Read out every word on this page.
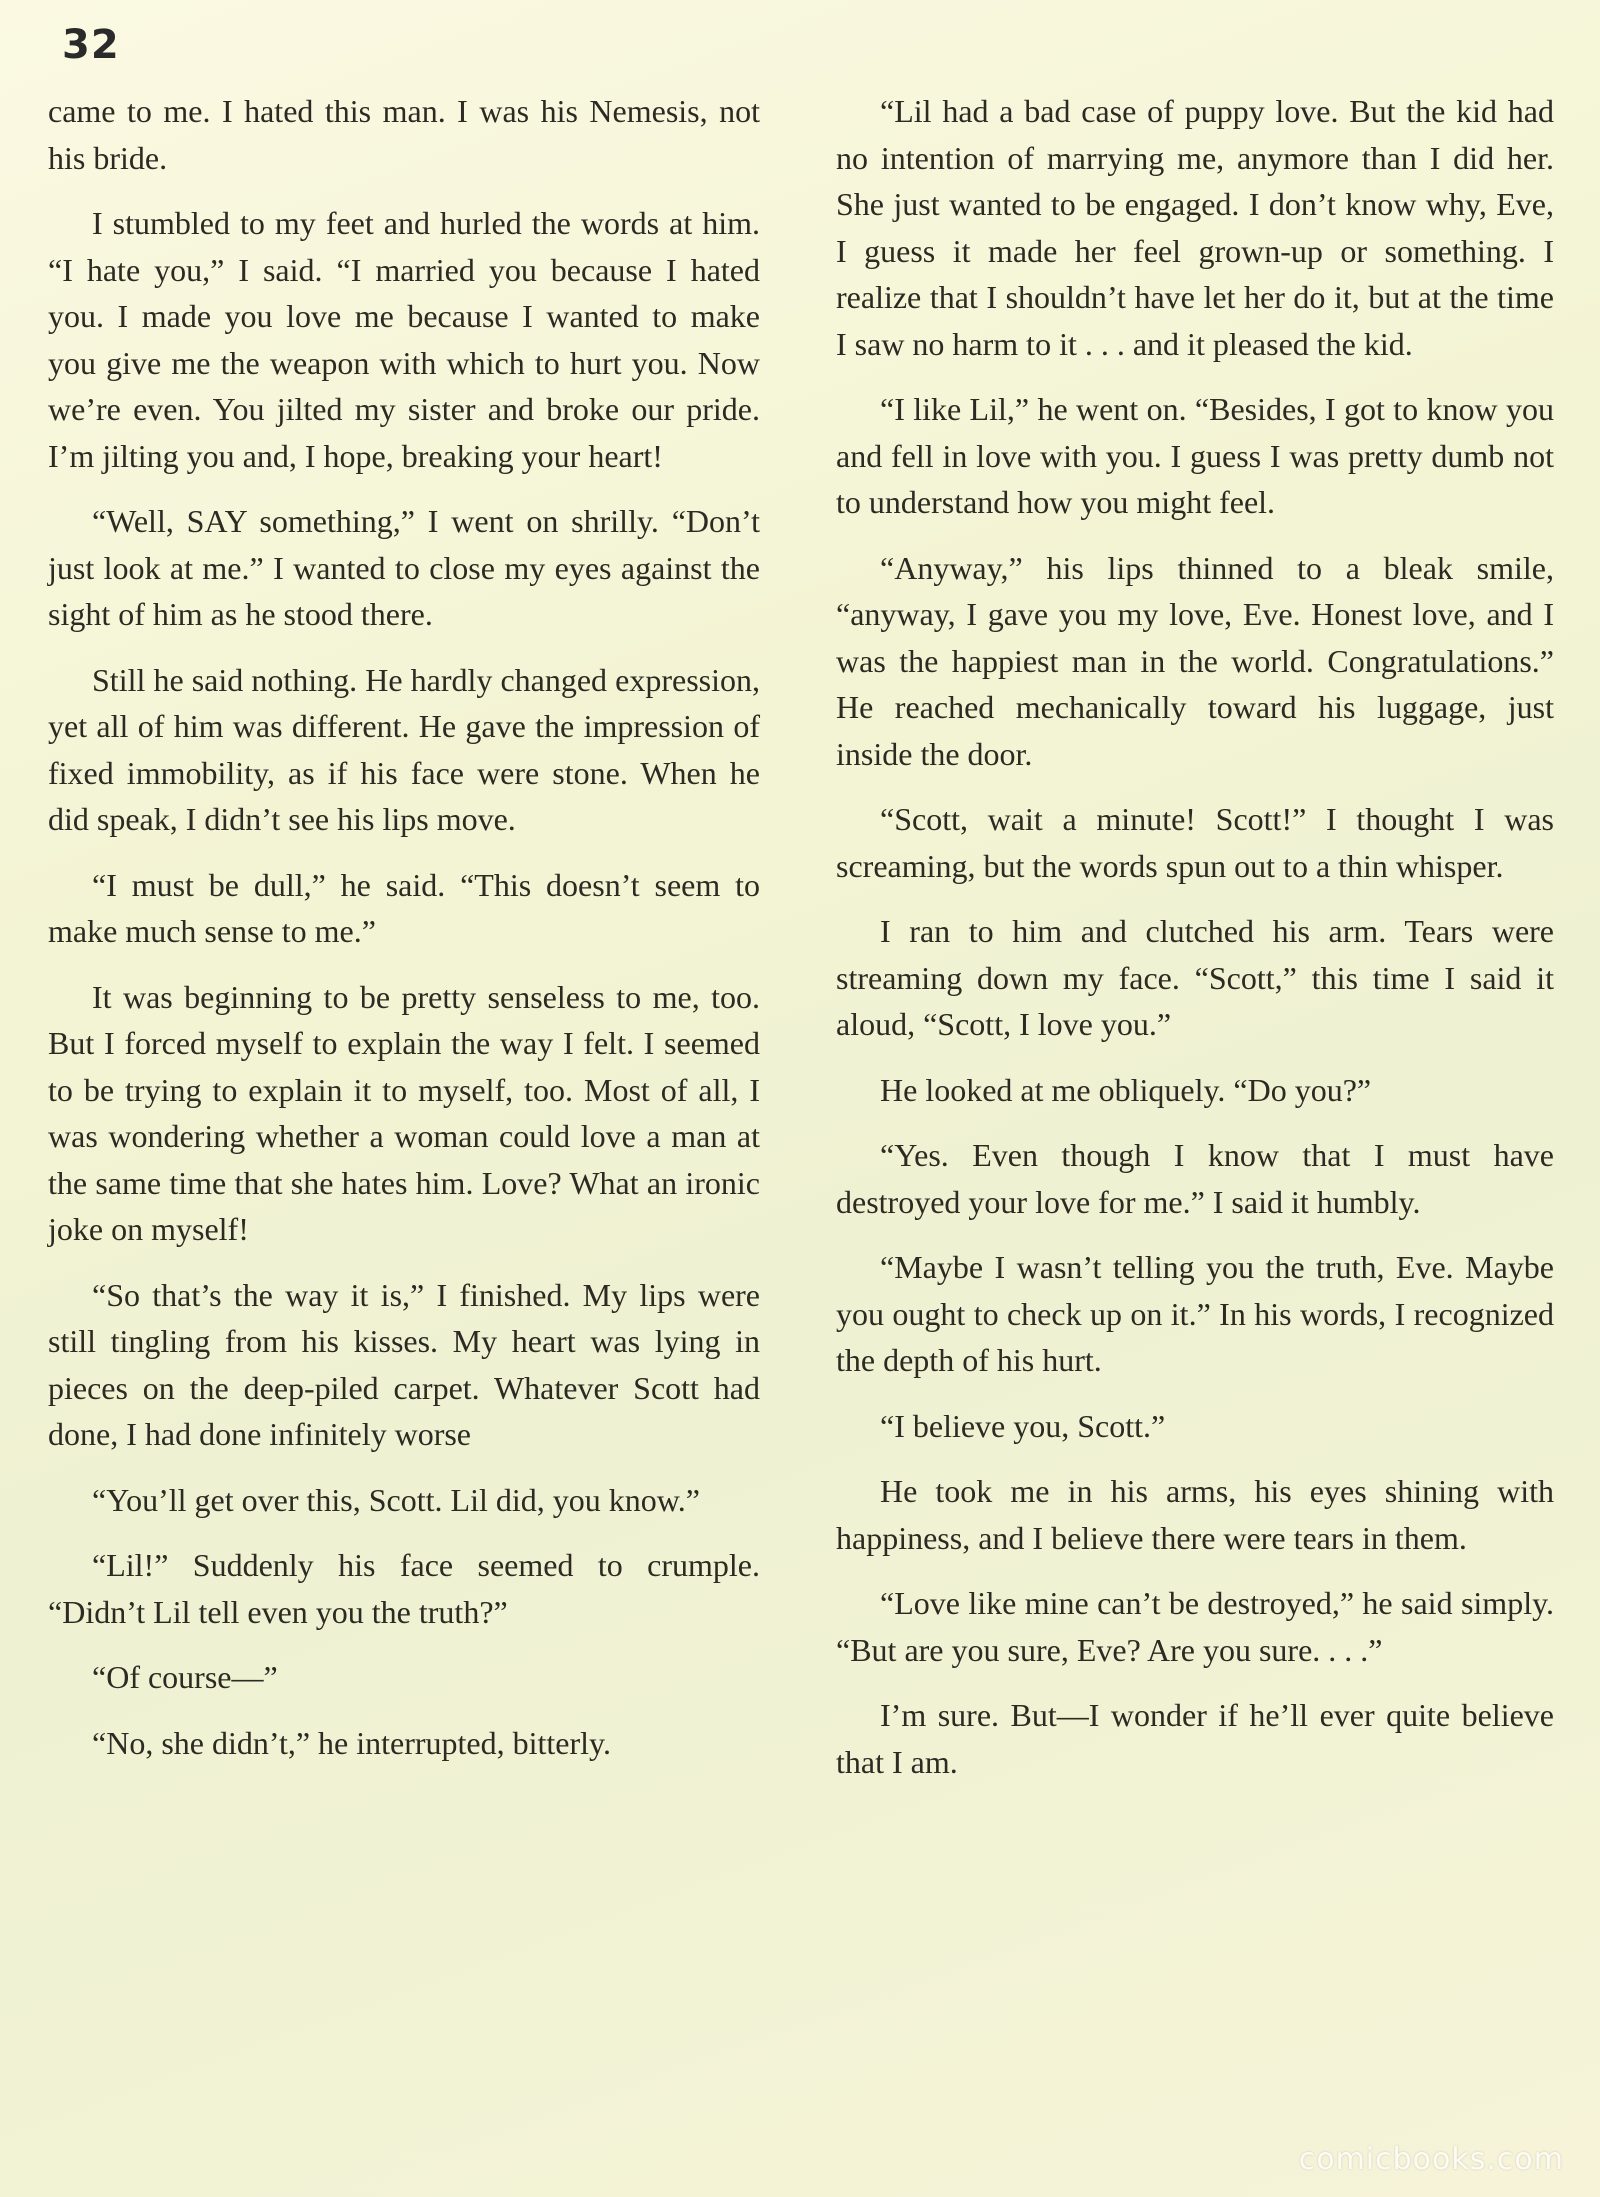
32

came to me. I hated this man. I was his Nemesis, not his bride.

I stumbled to my feet and hurled the words at him. “I hate you,” I said. “I married you because I hated you. I made you love me because I wanted to make you give me the weapon with which to hurt you. Now we’re even. You jilted my sister and broke our pride. I’m jilting you and, I hope, breaking your heart!

“Well, SAY something,” I went on shrilly. “Don’t just look at me.” I wanted to close my eyes against the sight of him as he stood there.

Still he said nothing. He hardly changed expression, yet all of him was different. He gave the impression of fixed immobility, as if his face were stone. When he did speak, I didn’t see his lips move.

“I must be dull,” he said. “This doesn’t seem to make much sense to me.”

It was beginning to be pretty senseless to me, too. But I forced myself to explain the way I felt. I seemed to be trying to explain it to myself, too. Most of all, I was wondering whether a woman could love a man at the same time that she hates him. Love? What an ironic joke on myself!

“So that’s the way it is,” I finished. My lips were still tingling from his kisses. My heart was lying in pieces on the deep-piled carpet. Whatever Scott had done, I had done infinitely worse

“You’ll get over this, Scott. Lil did, you know.”

“Lil!” Suddenly his face seemed to crumple. “Didn’t Lil tell even you the truth?”

“Of course—”

“No, she didn’t,” he interrupted, bitterly.

“Lil had a bad case of puppy love. But the kid had no intention of marrying me, anymore than I did her. She just wanted to be engaged. I don’t know why, Eve, I guess it made her feel grown-up or something. I realize that I shouldn’t have let her do it, but at the time I saw no harm to it . . . and it pleased the kid.

“I like Lil,” he went on. “Besides, I got to know you and fell in love with you. I guess I was pretty dumb not to understand how you might feel.

“Anyway,” his lips thinned to a bleak smile, “anyway, I gave you my love, Eve. Honest love, and I was the happiest man in the world. Congratulations.” He reached mechanically toward his luggage, just inside the door.

“Scott, wait a minute! Scott!” I thought I was screaming, but the words spun out to a thin whisper.

I ran to him and clutched his arm. Tears were streaming down my face. “Scott,” this time I said it aloud, “Scott, I love you.”

He looked at me obliquely. “Do you?”

“Yes. Even though I know that I must have destroyed your love for me.” I said it humbly.

“Maybe I wasn’t telling you the truth, Eve. Maybe you ought to check up on it.” In his words, I recognized the depth of his hurt.

“I believe you, Scott.”

He took me in his arms, his eyes shining with happiness, and I believe there were tears in them.

“Love like mine can’t be destroyed,” he said simply. “But are you sure, Eve? Are you sure. . . .”

I’m sure. But—I wonder if he’ll ever quite believe that I am.

comicbooks.com
